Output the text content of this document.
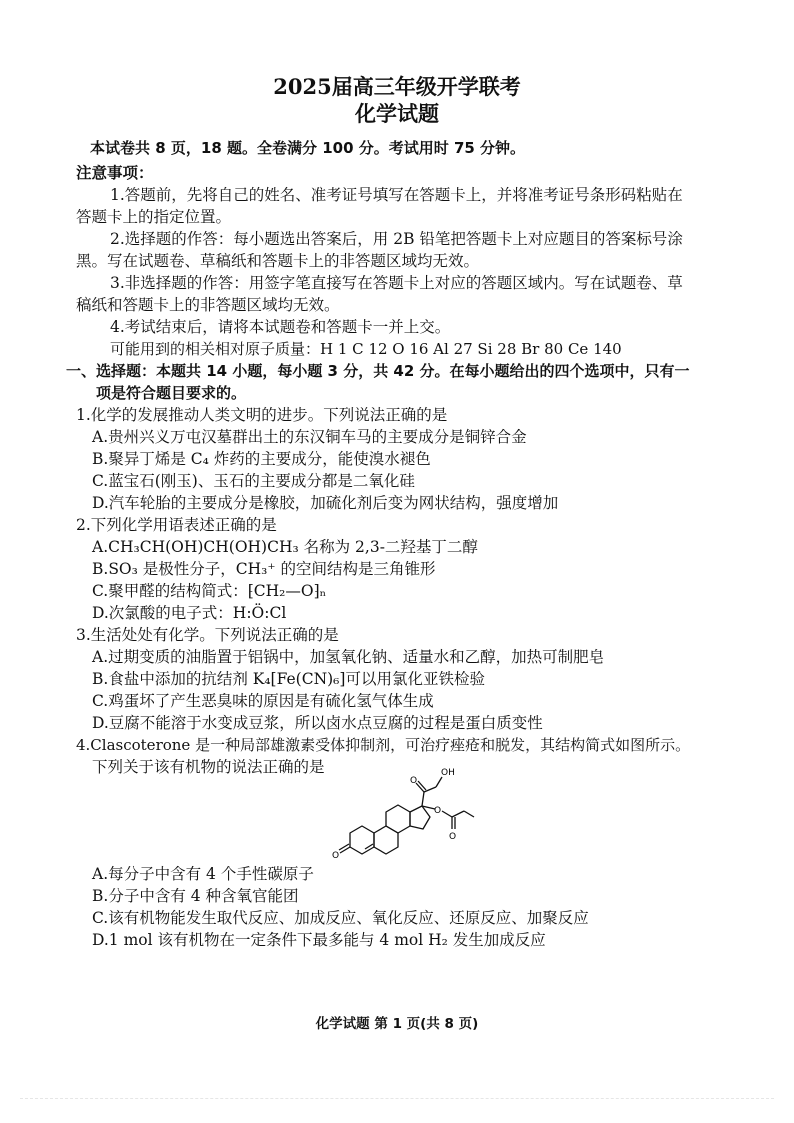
2025届高三年级开学联考
化学试题
本试卷共 8 页，18 题。全卷满分 100 分。考试用时 75 分钟。
注意事项：
1.答题前，先将自己的姓名、准考证号填写在答题卡上，并将准考证号条形码粘贴在
答题卡上的指定位置。
2.选择题的作答：每小题选出答案后，用 2B 铅笔把答题卡上对应题目的答案标号涂
黑。写在试题卷、草稿纸和答题卡上的非答题区域均无效。
3.非选择题的作答：用签字笔直接写在答题卡上对应的答题区域内。写在试题卷、草
稿纸和答题卡上的非答题区域均无效。
4.考试结束后，请将本试题卷和答题卡一并上交。
可能用到的相关相对原子质量：H 1 C 12 O 16 Al 27 Si 28 Br 80 Ce 140
一、选择题：本题共 14 小题，每小题 3 分，共 42 分。在每小题给出的四个选项中，只有一
项是符合题目要求的。
1.化学的发展推动人类文明的进步。下列说法正确的是
A.贵州兴义万屯汉墓群出土的东汉铜车马的主要成分是铜锌合金
B.聚异丁烯是 C₄ 炸药的主要成分，能使溴水褪色
C.蓝宝石(刚玉)、玉石的主要成分都是二氧化硅
D.汽车轮胎的主要成分是橡胶，加硫化剂后变为网状结构，强度增加
2.下列化学用语表述正确的是
A.CH₃CH(OH)CH(OH)CH₃ 名称为 2,3-二羟基丁二醇
B.SO₃ 是极性分子，CH₃⁺ 的空间结构是三角锥形
C.聚甲醛的结构简式：⁅CH₂—O⁆ₙ
D.次氯酸的电子式：H:Ö:Cl
3.生活处处有化学。下列说法正确的是
A.过期变质的油脂置于铝锅中，加氢氧化钠、适量水和乙醇，加热可制肥皂
B.食盐中添加的抗结剂 K₄[Fe(CN)₆]可以用氯化亚铁检验
C.鸡蛋坏了产生恶臭味的原因是有硫化氢气体生成
D.豆腐不能溶于水变成豆浆，所以卤水点豆腐的过程是蛋白质变性
4.Clascoterone 是一种局部雄激素受体抑制剂，可治疗痤疮和脱发，其结构简式如图所示。
下列关于该有机物的说法正确的是	OH
O
O
O
O
A.每分子中含有 4 个手性碳原子
B.分子中含有 4 种含氧官能团
C.该有机物能发生取代反应、加成反应、氧化反应、还原反应、加聚反应
D.1 mol 该有机物在一定条件下最多能与 4 mol H₂ 发生加成反应
化学试题 第 1 页(共 8 页)
